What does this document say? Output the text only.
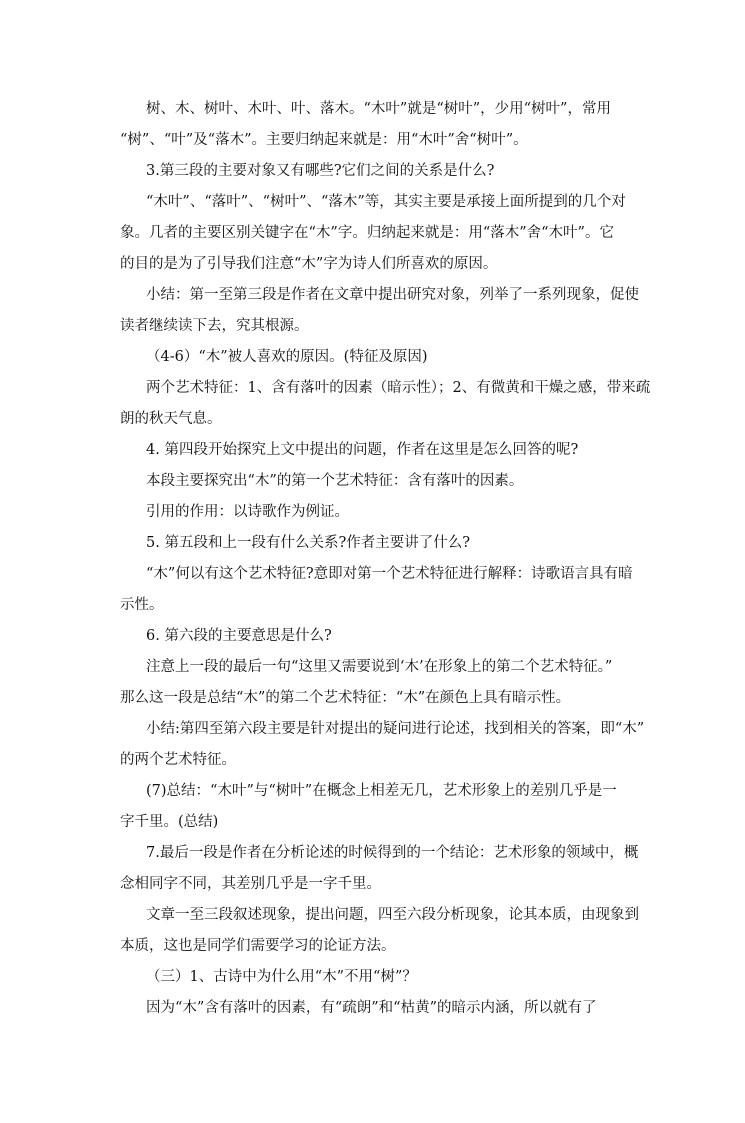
树、木、树叶、木叶、叶、落木。“木叶”就是“树叶”，少用“树叶”，常用
“树”、“叶”及“落木”。主要归纳起来就是：用“木叶”舍“树叶”。
3.第三段的主要对象又有哪些?它们之间的关系是什么?
“木叶”、“落叶”、“树叶”、“落木”等，其实主要是承接上面所提到的几个对
象。几者的主要区别关键字在“木”字。归纳起来就是：用“落木”舍“木叶”。它
的目的是为了引导我们注意“木”字为诗人们所喜欢的原因。
小结：第一至第三段是作者在文章中提出研究对象，列举了一系列现象，促使
读者继续读下去，究其根源。
（4-6）“木”被人喜欢的原因。(特征及原因)
两个艺术特征：1、含有落叶的因素（暗示性）；2、有微黄和干燥之感，带来疏
朗的秋天气息。
4. 第四段开始探究上文中提出的问题，作者在这里是怎么回答的呢?
本段主要探究出“木”的第一个艺术特征：含有落叶的因素。
引用的作用：以诗歌作为例证。
5. 第五段和上一段有什么关系?作者主要讲了什么?
“木”何以有这个艺术特征?意即对第一个艺术特征进行解释：诗歌语言具有暗
示性。
6. 第六段的主要意思是什么?
注意上一段的最后一句“这里又需要说到‘木’在形象上的第二个艺术特征。”
那么这一段是总结“木”的第二个艺术特征：“木”在颜色上具有暗示性。
小结:第四至第六段主要是针对提出的疑问进行论述，找到相关的答案，即“木”
的两个艺术特征。
(7)总结：“木叶”与“树叶”在概念上相差无几，艺术形象上的差别几乎是一
字千里。(总结)
7.最后一段是作者在分析论述的时候得到的一个结论：艺术形象的领域中，概
念相同字不同，其差别几乎是一字千里。
文章一至三段叙述现象，提出问题，四至六段分析现象，论其本质，由现象到
本质，这也是同学们需要学习的论证方法。
（三）1、古诗中为什么用“木”不用“树”？
因为“木”含有落叶的因素，有“疏朗”和“枯黄”的暗示内涵，所以就有了
